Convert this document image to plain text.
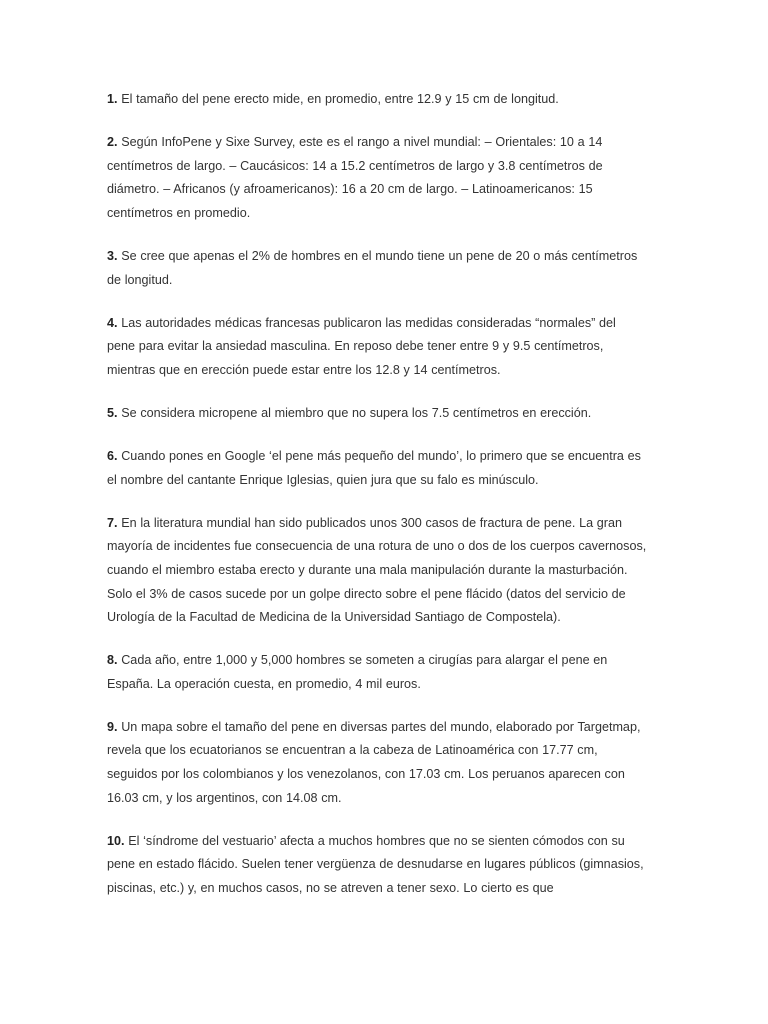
1. El tamaño del pene erecto mide, en promedio, entre 12.9 y 15 cm de longitud.

2. Según InfoPene y Sixe Survey, este es el rango a nivel mundial: – Orientales: 10 a 14 centímetros de largo. – Caucásicos: 14 a 15.2 centímetros de largo y 3.8 centímetros de diámetro. – Africanos (y afroamericanos): 16 a 20 cm de largo. – Latinoamericanos: 15 centímetros en promedio.

3. Se cree que apenas el 2% de hombres en el mundo tiene un pene de 20 o más centímetros de longitud.

4. Las autoridades médicas francesas publicaron las medidas consideradas “normales” del pene para evitar la ansiedad masculina. En reposo debe tener entre 9 y 9.5 centímetros, mientras que en erección puede estar entre los 12.8 y 14 centímetros.

5. Se considera micropene al miembro que no supera los 7.5 centímetros en erección.

6. Cuando pones en Google ‘el pene más pequeño del mundo’, lo primero que se encuentra es el nombre del cantante Enrique Iglesias, quien jura que su falo es minúsculo.

7. En la literatura mundial han sido publicados unos 300 casos de fractura de pene. La gran mayoría de incidentes fue consecuencia de una rotura de uno o dos de los cuerpos cavernosos, cuando el miembro estaba erecto y durante una mala manipulación durante la masturbación. Solo el 3% de casos sucede por un golpe directo sobre el pene flácido (datos del servicio de Urología de la Facultad de Medicina de la Universidad Santiago de Compostela).

8. Cada año, entre 1,000 y 5,000 hombres se someten a cirugías para alargar el pene en España. La operación cuesta, en promedio, 4 mil euros.

9. Un mapa sobre el tamaño del pene en diversas partes del mundo, elaborado por Targetmap, revela que los ecuatorianos se encuentran a la cabeza de Latinoamérica con 17.77 cm, seguidos por los colombianos y los venezolanos, con 17.03 cm. Los peruanos aparecen con 16.03 cm, y los argentinos, con 14.08 cm.

10. El ‘síndrome del vestuario’ afecta a muchos hombres que no se sienten cómodos con su pene en estado flácido. Suelen tener vergüenza de desnudarse en lugares públicos (gimnasios, piscinas, etc.) y, en muchos casos, no se atreven a tener sexo. Lo cierto es que
